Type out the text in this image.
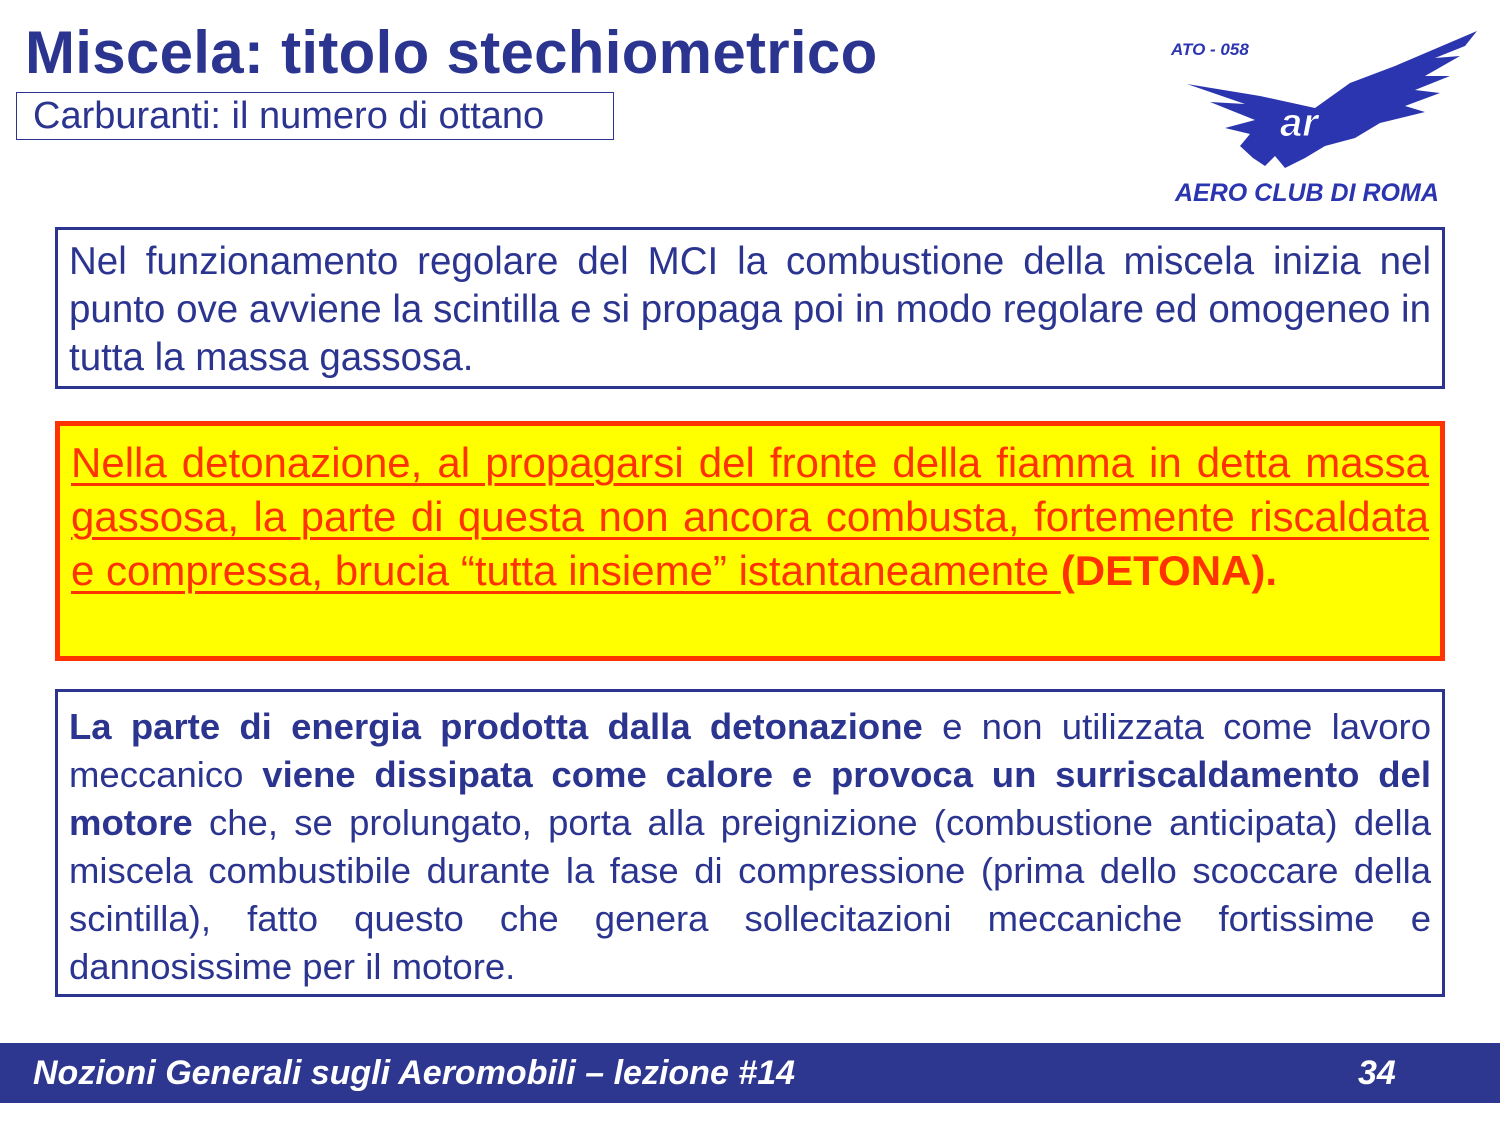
Miscela: titolo stechiometrico
Carburanti: il numero di ottano
ATO - 058
ar
AERO CLUB DI ROMA
Nel funzionamento regolare del MCI la combustione della miscela inizia nel punto ove avviene la scintilla e si propaga poi in modo regolare ed omogeneo in tutta la massa gassosa.
Nella detonazione, al propagarsi del fronte della fiamma in detta massa gassosa, la parte di questa non ancora combusta, fortemente riscaldata e compressa, brucia “tutta insieme” istantaneamente (DETONA).
La parte di energia prodotta dalla detonazione e non utilizzata come lavoro meccanico viene dissipata come calore e provoca un surriscaldamento del motore che, se prolungato, porta alla preignizione (combustione anticipata) della miscela combustibile durante la fase di compressione (prima dello scoccare della scintilla), fatto questo che genera sollecitazioni meccaniche fortissime e dannosissime per il motore.
Nozioni Generali sugli Aeromobili – lezione #14	34
